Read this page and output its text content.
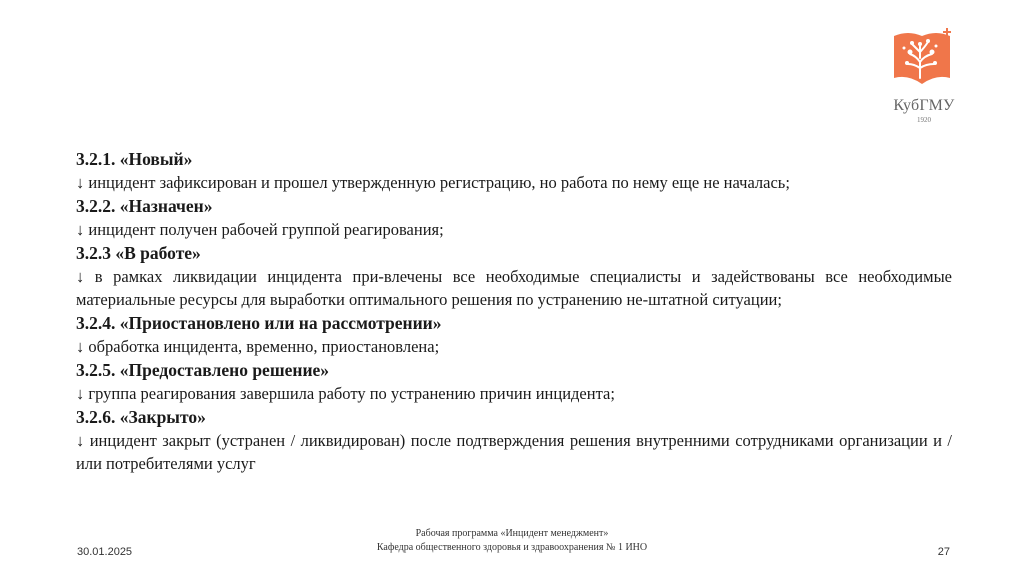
КубГМУ
1920

3.2.1. «Новый»

↓ инцидент зафиксирован и прошел утвержденную регистрацию, но работа по нему еще не началась;

3.2.2. «Назначен»

↓ инцидент получен рабочей группой реагирования;

3.2.3 «В работе»

↓ в рамках ликвидации инцидента при-влечены все необходимые специалисты и задействованы все необходимые материальные ресурсы для выработки оптимального решения по устранению не-штатной ситуации;

3.2.4. «Приостановлено или на рассмотрении»

↓ обработка инцидента, временно, приостановлена;

3.2.5. «Предоставлено решение»

↓ группа реагирования завершила работу по устранению причин инцидента;

3.2.6. «Закрыто»

↓ инцидент закрыт (устранен / ликвидирован) после подтверждения решения внутренними сотрудниками организации и / или потребителями услуг

30.01.2025
Рабочая программа «Инцидент менеджмент»
Кафедра общественного здоровья и здравоохранения № 1 ИНО	27
